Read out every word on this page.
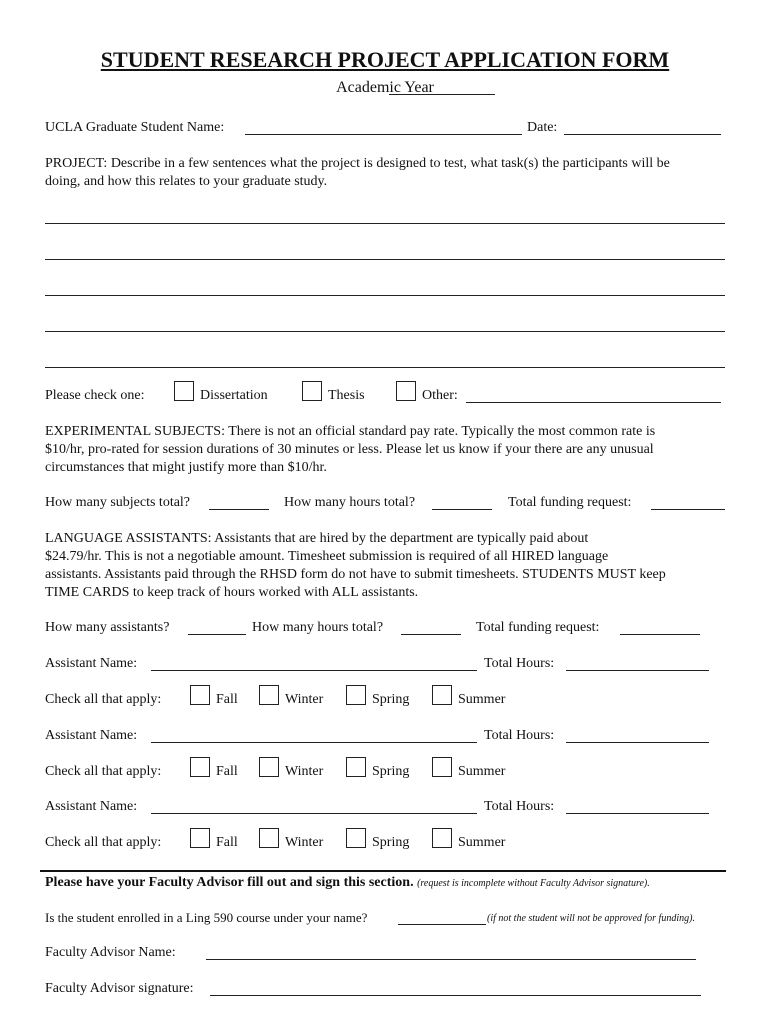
STUDENT RESEARCH PROJECT APPLICATION FORM
Academic Year
UCLA Graduate Student Name:	Date:
PROJECT: Describe in a few sentences what the project is designed to test, what task(s) the participants will be
doing, and how this relates to your graduate study.
Please check one:	Dissertation	Thesis	Other:
EXPERIMENTAL SUBJECTS: There is not an official standard pay rate. Typically the most common rate is
$10/hr, pro-rated for session durations of 30 minutes or less. Please let us know if your there are any unusual
circumstances that might justify more than $10/hr.
How many subjects total?	How many hours total?	Total funding request:
LANGUAGE ASSISTANTS: Assistants that are hired by the department are typically paid about
$24.79/hr. This is not a negotiable amount. Timesheet submission is required of all HIRED language
assistants. Assistants paid through the RHSD form do not have to submit timesheets. STUDENTS MUST keep
TIME CARDS to keep track of hours worked with ALL assistants.
How many assistants?	How many hours total?	Total funding request:
Assistant Name:	Total Hours:
Check all that apply:	Fall	Winter	Spring	Summer
Assistant Name:	Total Hours:
Check all that apply:	Fall	Winter	Spring	Summer
Assistant Name:	Total Hours:
Check all that apply:	Fall	Winter	Spring	Summer
Please have your Faculty Advisor fill out and sign this section. (request is incomplete without Faculty Advisor signature).
Is the student enrolled in a Ling 590 course under your name?	(if not the student will not be approved for funding).
Faculty Advisor Name:
Faculty Advisor signature:
